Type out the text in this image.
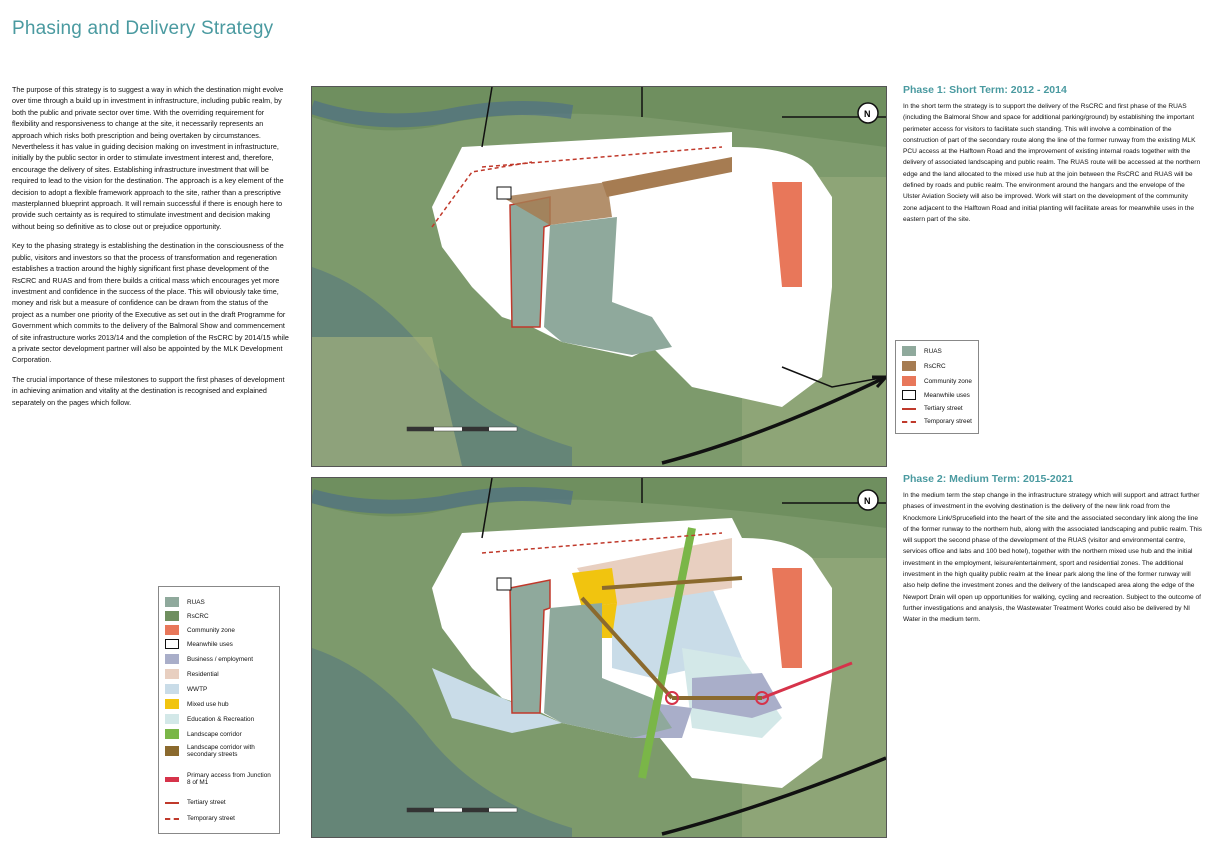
Phasing and Delivery Strategy

The purpose of this strategy is to suggest a way in which the destination might evolve over time through a build up in investment in infrastructure, including public realm, by both the public and private sector over time. With the overriding requirement for flexibility and responsiveness to change at the site, it necessarily represents an approach which risks both prescription and being overtaken by circumstances. Nevertheless it has value in guiding decision making on investment in infrastructure, initially by the public sector in order to stimulate investment interest and, therefore, encourage the delivery of sites. Establishing infrastructure investment that will be required to lead to the vision for the destination. The approach is a key element of the decision to adopt a flexible framework approach to the site, rather than a prescriptive masterplanned blueprint approach. It will remain successful if there is enough here to provide such certainty as is required to stimulate investment and decision making without being so definitive as to close out or prejudice opportunity.

Key to the phasing strategy is establishing the destination in the consciousness of the public, visitors and investors so that the process of transformation and regeneration establishes a traction around the highly significant first phase development of the RsCRC and RUAS and from there builds a critical mass which encourages yet more investment and confidence in the success of the place. This will obviously take time, money and risk but a measure of confidence can be drawn from the status of the project as a number one priority of the Executive as set out in the draft Programme for Government which commits to the delivery of the Balmoral Show and commencement of site infrastructure works 2013/14 and the completion of the RsCRC by 2014/15 while a private sector development partner will also be appointed by the MLK Development Corporation.

The crucial importance of these milestones to support the first phases of development in achieving animation and vitality at the destination is recognised and explained separately on the pages which follow.

N
N
Phase 1: Short Term: 2012 - 2014
In the short term the strategy is to support the delivery of the RsCRC and first phase of the RUAS (including the Balmoral Show and space for additional parking/ground) by establishing the important perimeter access for visitors to facilitate such standing. This will involve a combination of the construction of part of the secondary route along the line of the former runway from the existing MLK PCU access at the Halftown Road and the improvement of existing internal roads together with the delivery of associated landscaping and public realm. The RUAS route will be accessed at the northern edge and the land allocated to the mixed use hub at the join between the RsCRC and RUAS will be defined by roads and public realm. The environment around the hangars and the envelope of the Ulster Aviation Society will also be improved. Work will start on the development of the community zone adjacent to the Halftown Road and initial planting will facilitate areas for meanwhile uses in the eastern part of the site.
Phase 2: Medium Term: 2015-2021
In the medium term the step change in the infrastructure strategy which will support and attract further phases of investment in the evolving destination is the delivery of the new link road from the Knockmore Link/Sprucefield into the heart of the site and the associated secondary link along the line of the former runway to the northern hub, along with the associated landscaping and public realm. This will support the second phase of the development of the RUAS (visitor and environmental centre, services office and labs and 100 bed hotel), together with the northern mixed use hub and the initial investment in the employment, leisure/entertainment, sport and residential zones. The additional investment in the high quality public realm at the linear park along the line of the former runway will also help define the investment zones and the delivery of the landscaped area along the edge of the Newport Drain will open up opportunities for walking, cycling and recreation. Subject to the outcome of further investigations and analysis, the Wastewater Treatment Works could also be delivered by NI Water in the medium term.
RUAS
RsCRC
Community zone
Meanwhile uses
Tertiary street
Temporary street
RUAS
RsCRC
Community zone
Meanwhile uses
Business / employment
Residential
WWTP
Mixed use hub
Education & Recreation
Landscape corridor
Landscape corridor with secondary streets
Primary access from Junction 8 of M1
Tertiary street
Temporary street
